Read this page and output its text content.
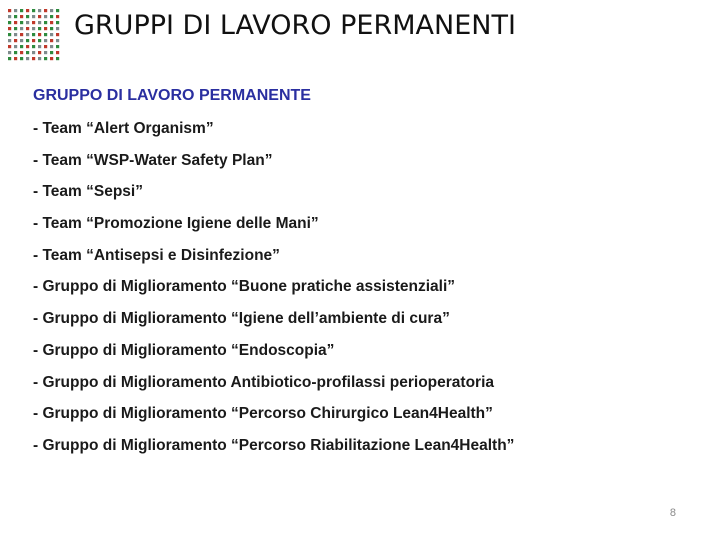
GRUPPI DI LAVORO PERMANENTI
GRUPPO DI LAVORO PERMANENTE
- Team “Alert Organism”
- Team “WSP-Water Safety Plan”
- Team “Sepsi”
- Team “Promozione Igiene delle Mani”
- Team “Antisepsi e Disinfezione”
- Gruppo di Miglioramento “Buone pratiche assistenziali”
- Gruppo di Miglioramento “Igiene dell’ambiente di cura”
- Gruppo di Miglioramento “Endoscopia”
- Gruppo di Miglioramento Antibiotico-profilassi perioperatoria
- Gruppo di Miglioramento “Percorso Chirurgico Lean4Health”
- Gruppo di Miglioramento “Percorso Riabilitazione Lean4Health”
8
